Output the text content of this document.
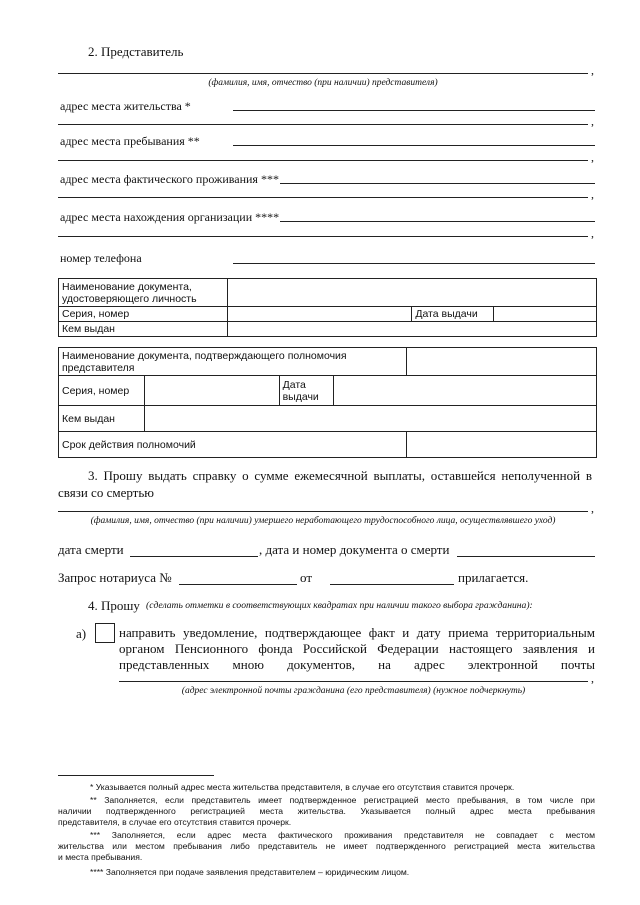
2. Представитель
,
(фамилия, имя, отчество (при наличии) представителя)
адрес места жительства *
,
адрес места пребывания **
,
адрес места фактического проживания ***
,
адрес места нахождения организации ****
,
номер телефона
Наименование документа, удостоверяющего личность			
Серия, номер		Дата выдачи	
Кем выдан			
Наименование документа, подтверждающего полномочия представителя				
Серия, номер		Дата выдачи		
Кем выдан				
Срок действия полномочий				
3. Прошу выдать справку о сумме ежемесячной выплаты, оставшейся неполученной в
связи со смертью
,
(фамилия, имя, отчество (при наличии) умершего неработающего трудоспособного лица, осуществлявшего уход)
дата смерти	, дата и номер документа о смерти
Запрос нотариуса №	от	прилагается.
4. Прошу (сделать отметки в соответствующих квадратах при наличии такого выбора гражданина):
а)	направить уведомление, подтверждающее факт и дату приема территориальным
органом Пенсионного фонда Российской Федерации настоящего заявления и
представленных мною документов, на адрес электронной почты
,
(адрес электронной почты гражданина (его представителя) (нужное подчеркнуть)
* Указывается полный адрес места жительства представителя, в случае его отсутствия ставится прочерк.
** Заполняется, если представитель имеет подтвержденное регистрацией место пребывания, в том числе при
наличии подтвержденного регистрацией места жительства. Указывается полный адрес места пребывания
представителя, в случае его отсутствия ставится прочерк.
*** Заполняется, если адрес места фактического проживания представителя не совпадает с местом
жительства или местом пребывания либо представитель не имеет подтвержденного регистрацией места жительства
и места пребывания.
**** Заполняется при подаче заявления представителем – юридическим лицом.
